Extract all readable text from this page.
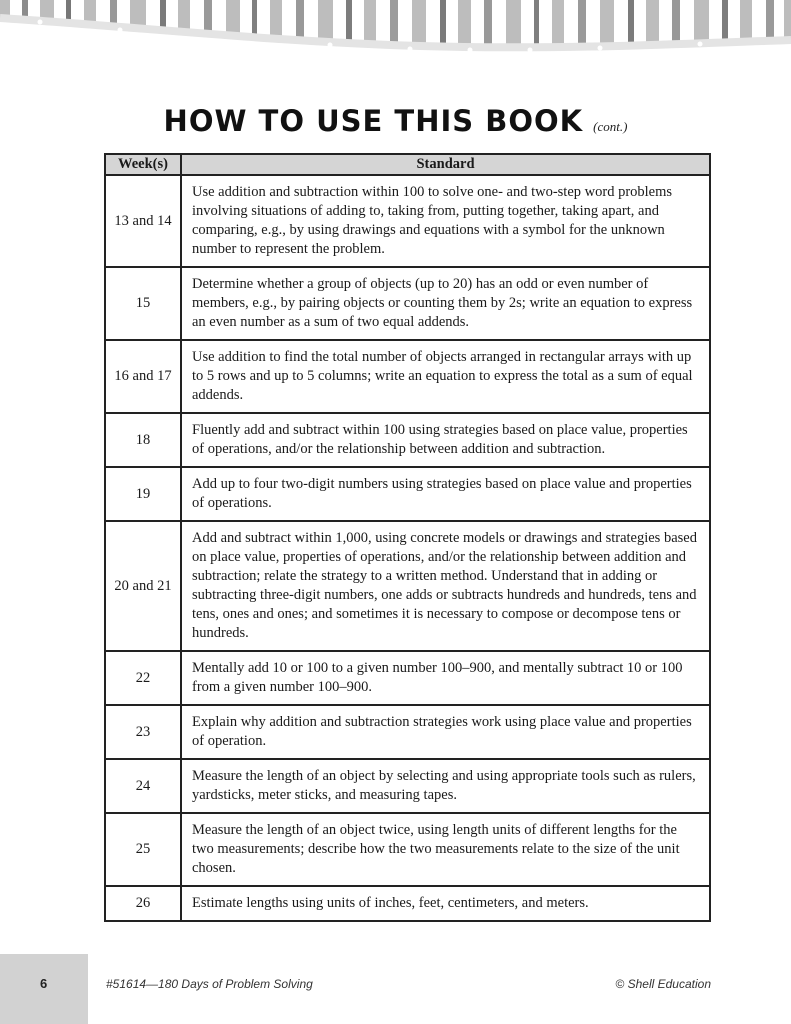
HOW TO USE THIS BOOK (cont.)
Week(s)	Standard
13 and 14	Use addition and subtraction within 100 to solve one- and two-step word problems involving situations of adding to, taking from, putting together, taking apart, and comparing, e.g., by using drawings and equations with a symbol for the unknown number to represent the problem.
15	Determine whether a group of objects (up to 20) has an odd or even number of members, e.g., by pairing objects or counting them by 2s; write an equation to express an even number as a sum of two equal addends.
16 and 17	Use addition to find the total number of objects arranged in rectangular arrays with up to 5 rows and up to 5 columns; write an equation to express the total as a sum of equal addends.
18	Fluently add and subtract within 100 using strategies based on place value, properties of operations, and/or the relationship between addition and subtraction.
19	Add up to four two-digit numbers using strategies based on place value and properties of operations.
20 and 21	Add and subtract within 1,000, using concrete models or drawings and strategies based on place value, properties of operations, and/or the relationship between addition and subtraction; relate the strategy to a written method. Understand that in adding or subtracting three-digit numbers, one adds or subtracts hundreds and hundreds, tens and tens, ones and ones; and sometimes it is necessary to compose or decompose tens or hundreds.
22	Mentally add 10 or 100 to a given number 100–900, and mentally subtract 10 or 100 from a given number 100–900.
23	Explain why addition and subtraction strategies work using place value and properties of operation.
24	Measure the length of an object by selecting and using appropriate tools such as rulers, yardsticks, meter sticks, and measuring tapes.
25	Measure the length of an object twice, using length units of different lengths for the two measurements; describe how the two measurements relate to the size of the unit chosen.
26	Estimate lengths using units of inches, feet, centimeters, and meters.
6	#51614—180 Days of Problem Solving	© Shell Education
